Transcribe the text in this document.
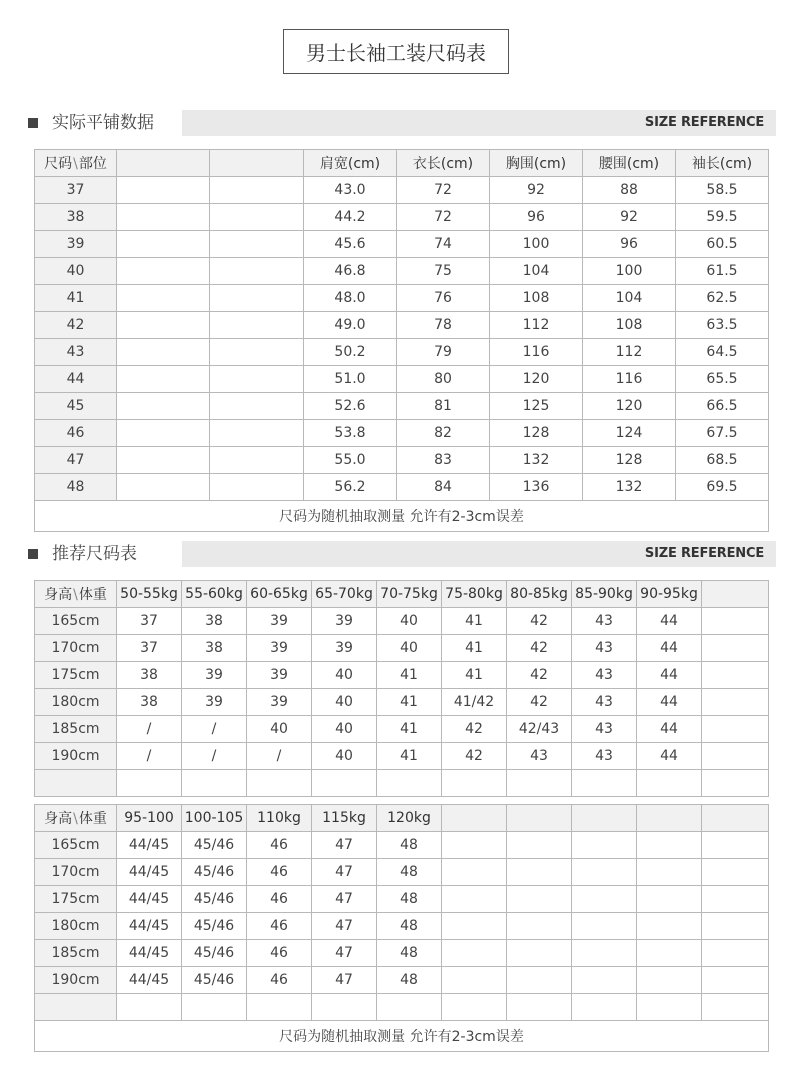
男士长袖工装尺码表
实际平铺数据	SIZE REFERENCE
尺码\部位			肩宽(cm)	衣长(cm)	胸围(cm)	腰围(cm)	袖长(cm)
37			43.0	72	92	88	58.5
38			44.2	72	96	92	59.5
39			45.6	74	100	96	60.5
40			46.8	75	104	100	61.5
41			48.0	76	108	104	62.5
42			49.0	78	112	108	63.5
43			50.2	79	116	112	64.5
44			51.0	80	120	116	65.5
45			52.6	81	125	120	66.5
46			53.8	82	128	124	67.5
47			55.0	83	132	128	68.5
48			56.2	84	136	132	69.5
尺码为随机抽取测量 允许有2-3cm误差							
推荐尺码表	SIZE REFERENCE
身高\体重	50-55kg	55-60kg	60-65kg	65-70kg	70-75kg	75-80kg	80-85kg	85-90kg	90-95kg	
165cm	37	38	39	39	40	41	42	43	44	
170cm	37	38	39	39	40	41	42	43	44	
175cm	38	39	39	40	41	41	42	43	44	
180cm	38	39	39	40	41	41/42	42	43	44	
185cm	/	/	40	40	41	42	42/43	43	44	
190cm	/	/	/	40	41	42	43	43	44	

身高\体重	95-100	100-105	110kg	115kg	120kg					
165cm	44/45	45/46	46	47	48					
170cm	44/45	45/46	46	47	48					
175cm	44/45	45/46	46	47	48					
180cm	44/45	45/46	46	47	48					
185cm	44/45	45/46	46	47	48					
190cm	44/45	45/46	46	47	48					

尺码为随机抽取测量 允许有2-3cm误差										
